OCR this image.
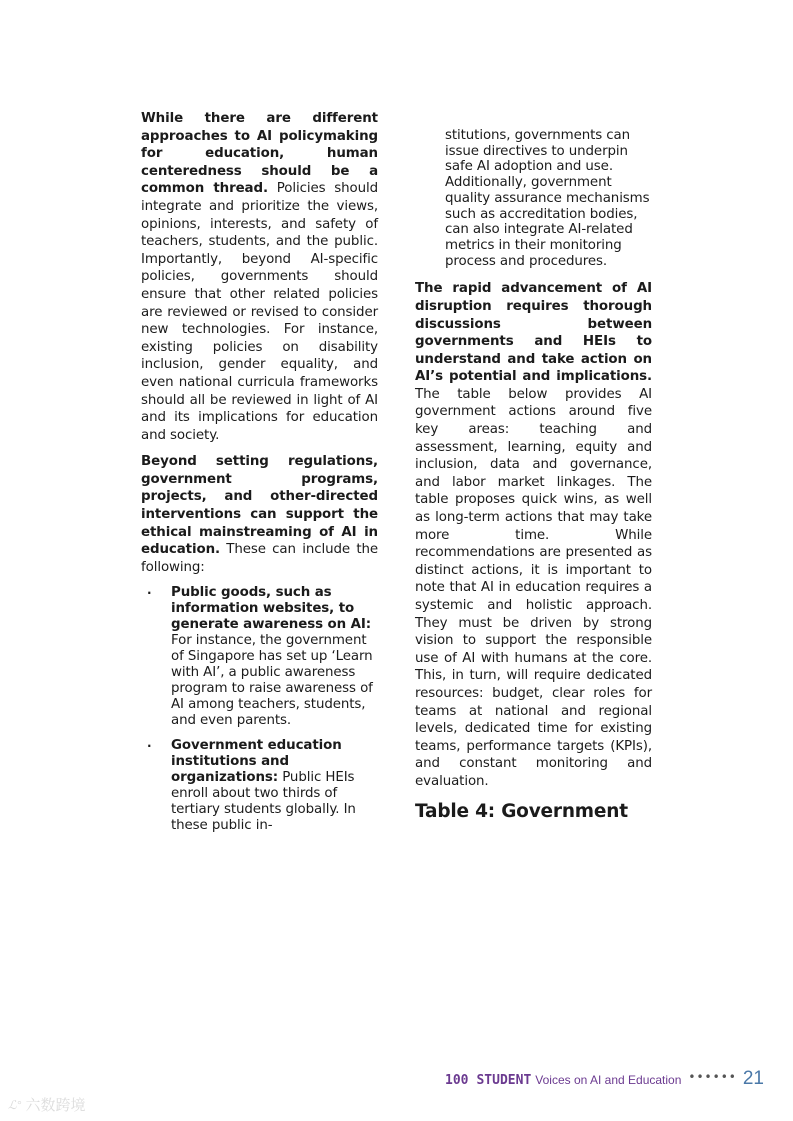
While there are different approaches to AI policymaking for education, human centeredness should be a common thread. Policies should integrate and prioritize the views, opinions, interests, and safety of teachers, students, and the public. Importantly, beyond AI-specific policies, governments should ensure that other related policies are reviewed or revised to consider new technologies. For instance, existing policies on disability inclusion, gender equality, and even national curricula frameworks should all be reviewed in light of AI and its implications for education and society.

Beyond setting regulations, government programs, projects, and other-directed interventions can support the ethical mainstreaming of AI in education. These can include the following:

· Public goods, such as information websites, to generate awareness on AI: For instance, the government of Singapore has set up ‘Learn with AI’, a public awareness program to raise awareness of AI among teachers, students, and even parents.
· Government education institutions and organizations: Public HEIs enroll about two thirds of tertiary students globally. In these public in-
stitutions, governments can issue directives to underpin safe AI adoption and use. Additionally, government quality assurance mechanisms such as accreditation bodies, can also integrate AI-related metrics in their monitoring process and procedures.

The rapid advancement of AI disruption requires thorough discussions between governments and HEIs to understand and take action on AI’s potential and implications. The table below provides AI government actions around five key areas: teaching and assessment, learning, equity and inclusion, data and governance, and labor market linkages. The table proposes quick wins, as well as long-term actions that may take more time. While recommendations are presented as distinct actions, it is important to note that AI in education requires a systemic and holistic approach. They must be driven by strong vision to support the responsible use of AI with humans at the core. This, in turn, will require dedicated resources: budget, clear roles for teams at national and regional levels, dedicated time for existing teams, performance targets (KPIs), and constant monitoring and evaluation.

Table 4: Government
100 STUDENT Voices on AI and Education •••••• 21
ℒ° 六数跨境
